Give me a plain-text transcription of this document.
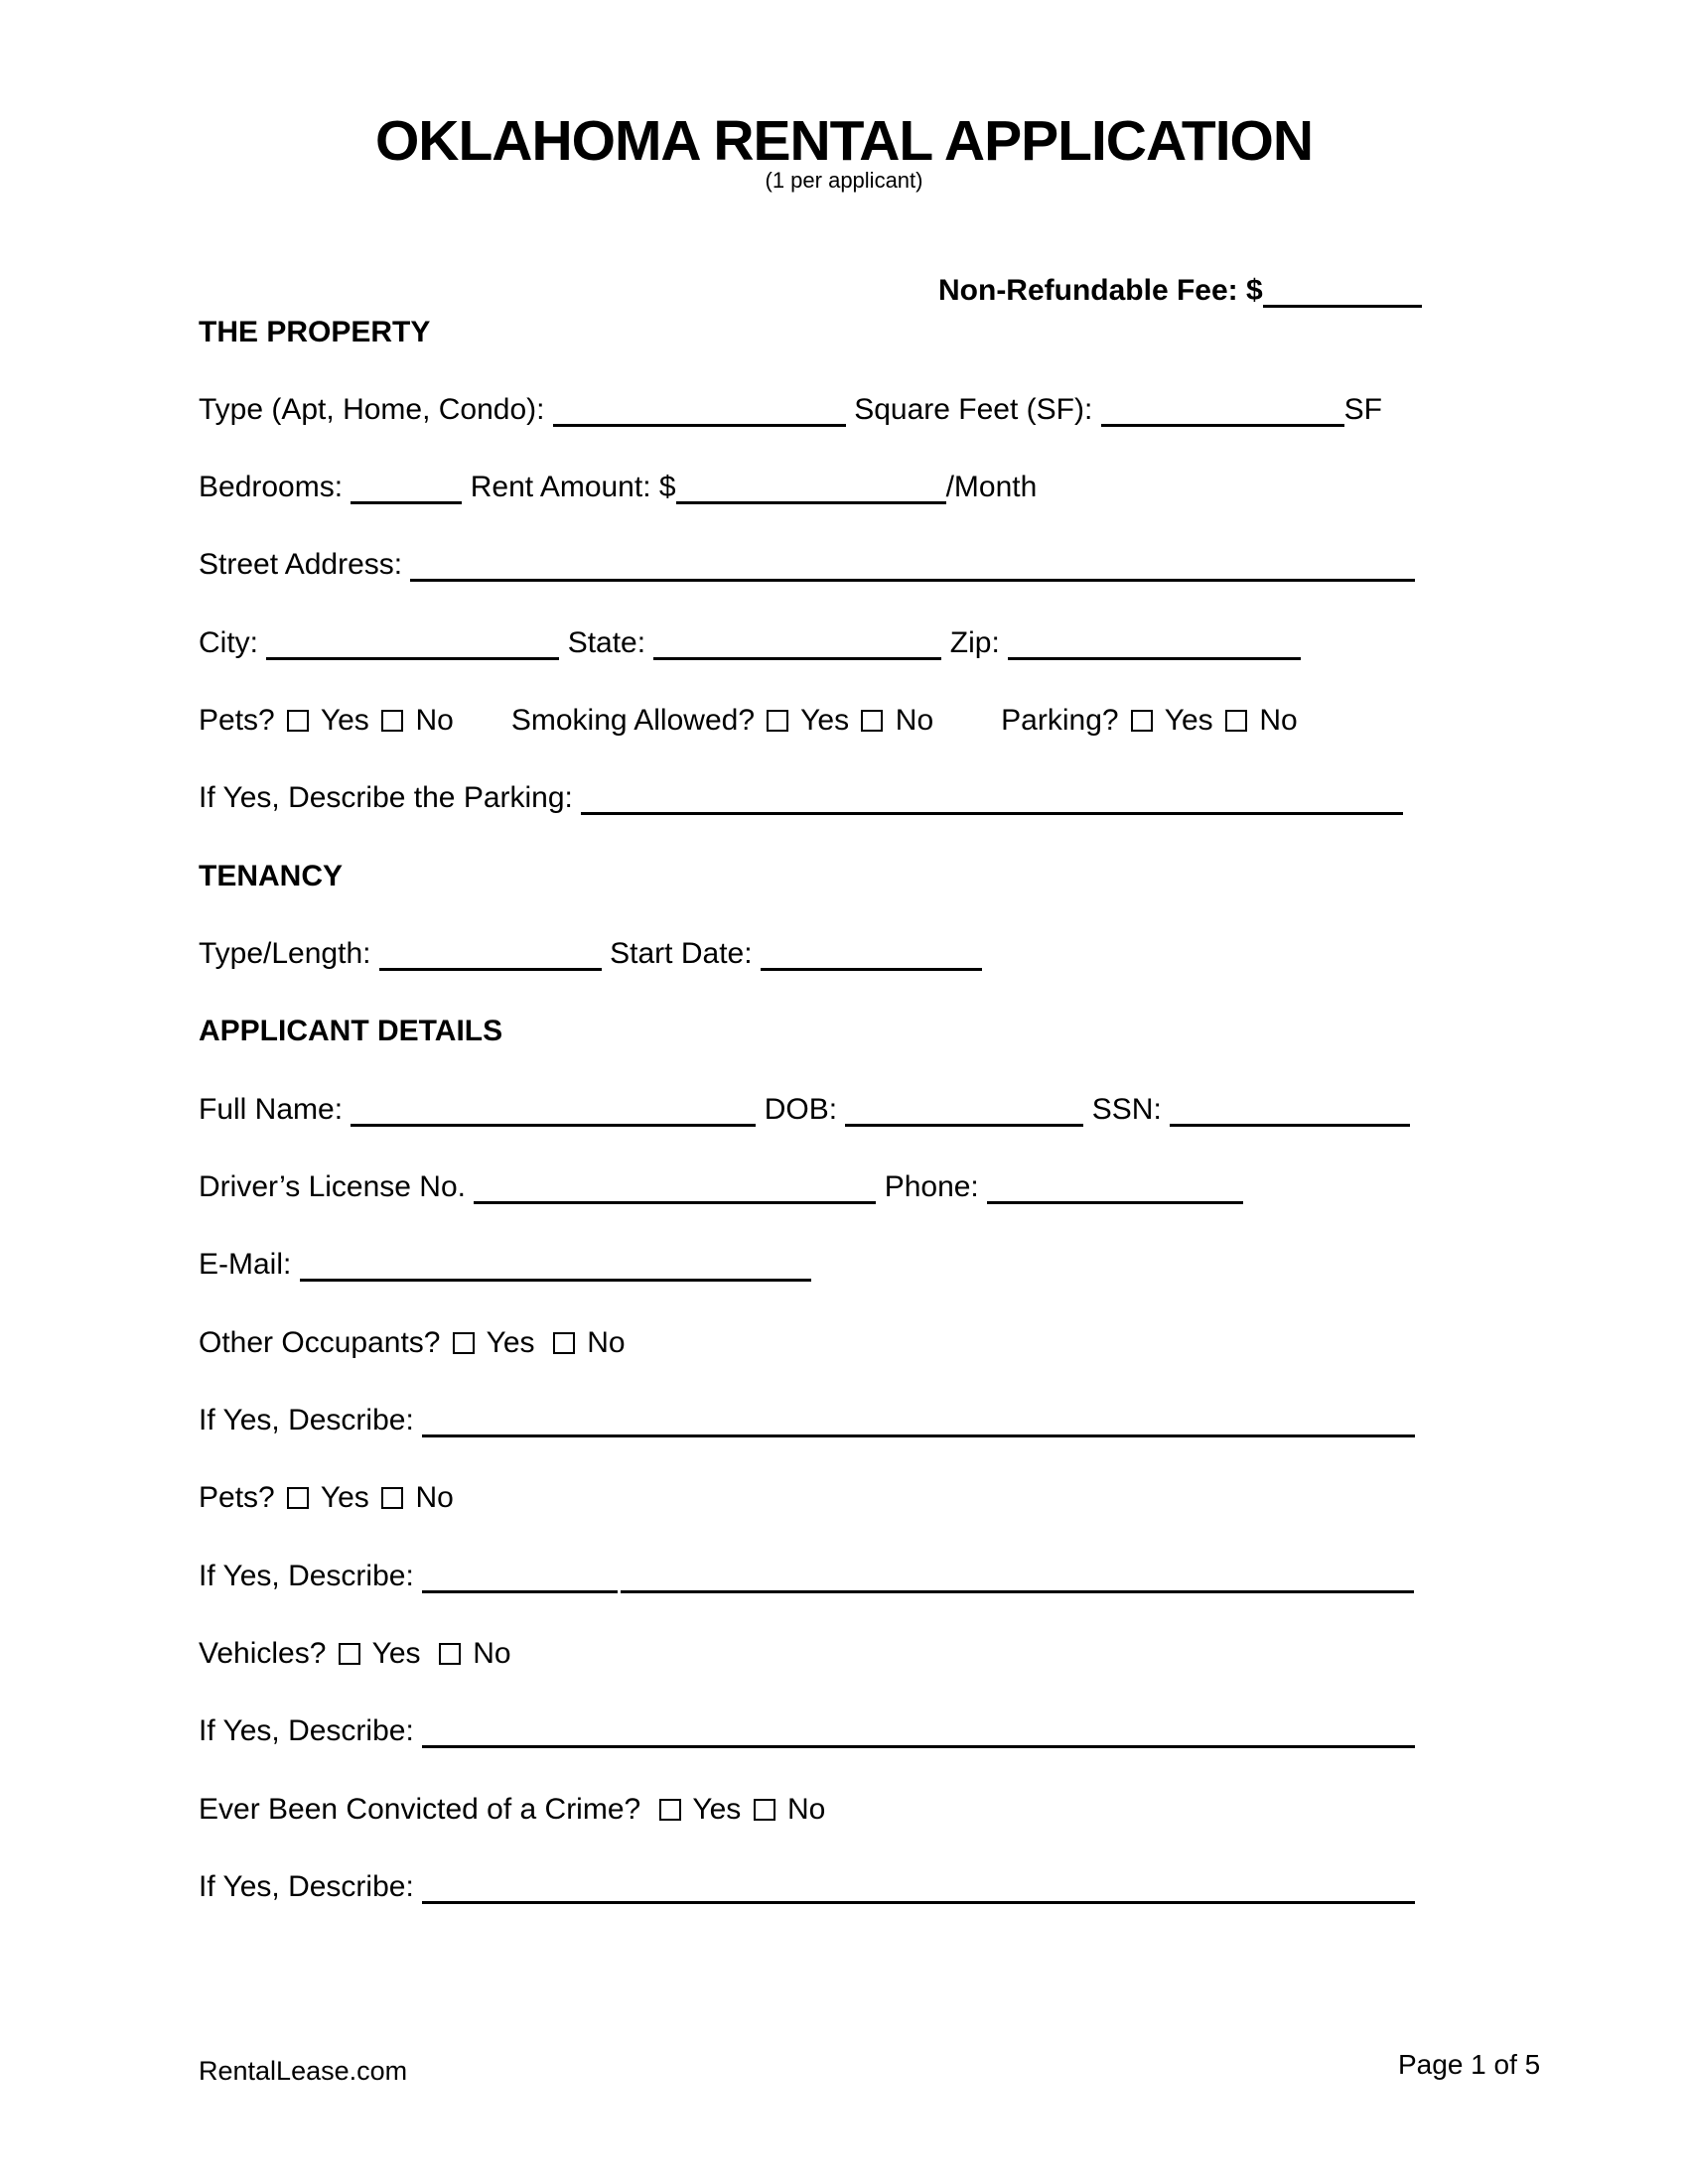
OKLAHOMA RENTAL APPLICATION
(1 per applicant)
Non-Refundable Fee: $
THE PROPERTY
Type (Apt, Home, Condo):	Square Feet (SF):	SF
Bedrooms:	Rent Amount: $	/Month
Street Address:
City:	State:	Zip:
Pets? Yes No Smoking Allowed? Yes No Parking? Yes No
If Yes, Describe the Parking:
TENANCY
Type/Length:	Start Date:
APPLICANT DETAILS
Full Name:	DOB:	SSN:
Driver’s License No.	Phone:
E-Mail:
Other Occupants? Yes No
If Yes, Describe:
Pets? Yes No
If Yes, Describe:
Vehicles? Yes No
If Yes, Describe:
Ever Been Convicted of a Crime? Yes No
If Yes, Describe:
RentalLease.com	Page 1 of 5
